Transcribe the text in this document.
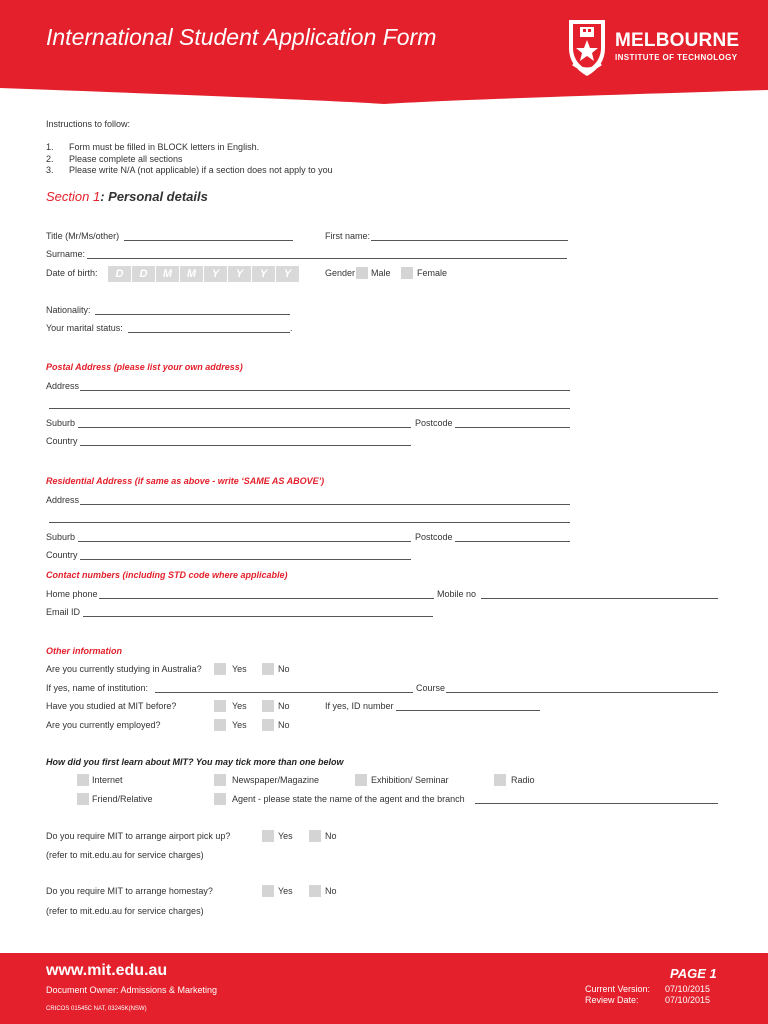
International Student Application Form	MELBOURNE
INSTITUTE OF TECHNOLOGY
Instructions to follow:
1. Form must be filled in BLOCK letters in English.
2. Please complete all sections
3. Please write N/A (not applicable) if a section does not apply to you
Section 1: Personal details
Title (Mr/Ms/other)	First name:
Surname:
Date of birth:	D	D	M	M	Y	Y	Y	Y	Gender Male	Female
Nationality:
Your marital status:	.
Postal Address (please list your own address)
Address
Suburb	Postcode
Country
Residential Address (if same as above - write ‘SAME AS ABOVE’)
Address
Suburb	Postcode
Country
Contact numbers (including STD code where applicable)
Home phone	Mobile no
Email ID
Other information
Are you currently studying in Australia?	Yes	No
If yes, name of institution:	Course
Have you studied at MIT before?	Yes	No	If yes, ID number
Are you currently employed?	Yes	No
How did you first learn about MIT? You may tick more than one below
Internet	Newspaper/Magazine	Exhibition/ Seminar	Radio
Friend/Relative	Agent - please state the name of the agent and the branch
Do you require MIT to arrange airport pick up?	Yes	No
(refer to mit.edu.au for service charges)
Do you require MIT to arrange homestay?	Yes	No
(refer to mit.edu.au for service charges)
www.mit.edu.au
Document Owner: Admissions & Marketing
CRICOS 01545C NAT, 03245K(NSW)
PAGE 1
Current Version: 07/10/2015
Review Date:	07/10/2015
